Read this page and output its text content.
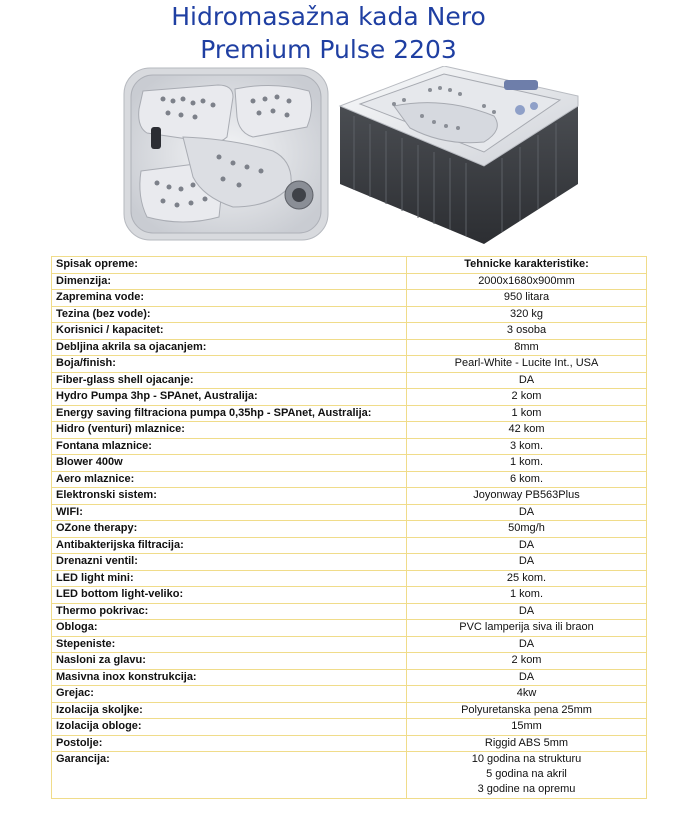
Hidromasažna kada Nero
Premium Pulse 2203
Spisak opreme:	Tehnicke karakteristike:
Dimenzija:	2000x1680x900mm
Zapremina vode:	950 litara
Tezina (bez vode):	320 kg
Korisnici / kapacitet:	3 osoba
Debljina akrila sa ojacanjem:	8mm
Boja/finish:	Pearl-White - Lucite Int., USA
Fiber-glass shell ojacanje:	DA
Hydro Pumpa 3hp - SPAnet, Australija:	2 kom
Energy saving filtraciona pumpa 0,35hp - SPAnet, Australija:	1 kom
Hidro (venturi) mlaznice:	42 kom
Fontana mlaznice:	3 kom.
Blower 400w	1 kom.
Aero mlaznice:	6 kom.
Elektronski sistem:	Joyonway PB563Plus
WIFI:	DA
OZone therapy:	50mg/h
Antibakterijska filtracija:	DA
Drenazni ventil:	DA
LED light mini:	25 kom.
LED bottom light-veliko:	1 kom.
Thermo pokrivac:	DA
Obloga:	PVC lamperija siva ili braon
Stepeniste:	DA
Nasloni za glavu:	2 kom
Masivna inox konstrukcija:	DA
Grejac:	4kw
Izolacija skoljke:	Polyuretanska pena 25mm
Izolacija obloge:	15mm
Postolje:	Riggid ABS 5mm
Garancija:	10 godina na strukturu
5 godina na akril
3 godine na opremu
